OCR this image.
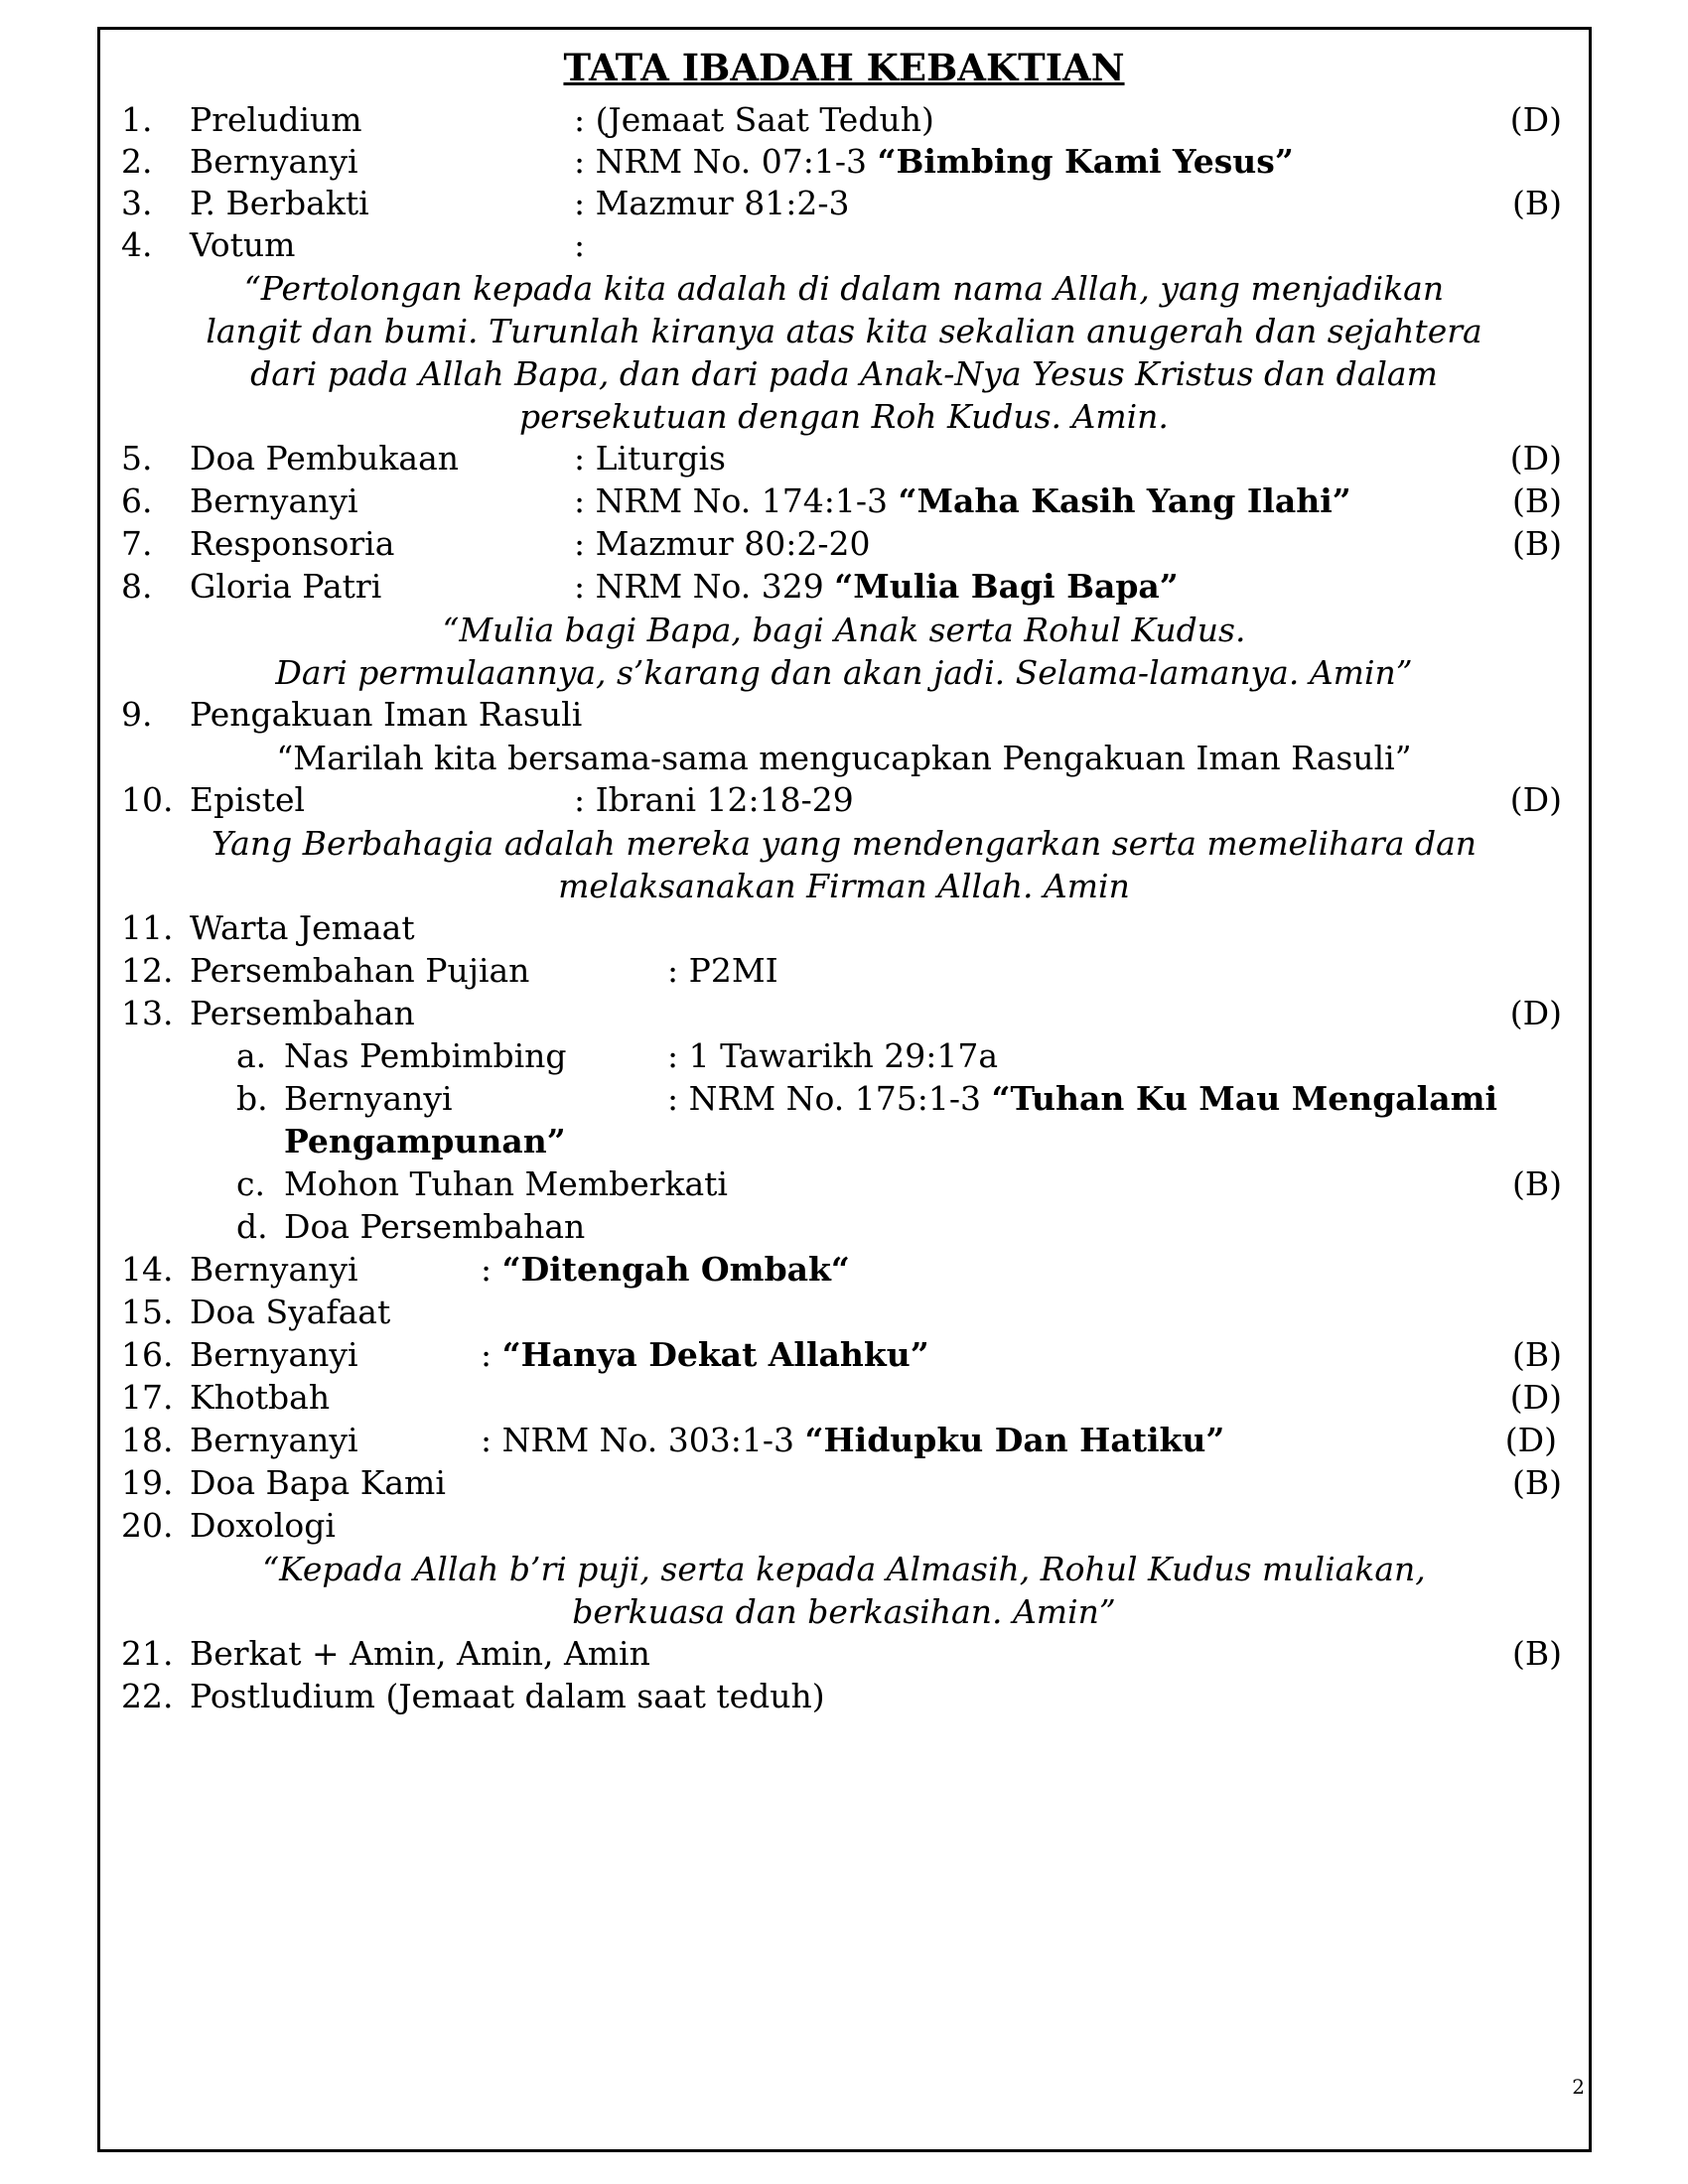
TATA IBADAH KEBAKTIAN
1. Preludium	: (Jemaat Saat Teduh)	(D)
2. Bernyanyi	: NRM No. 07:1-3 “Bimbing Kami Yesus”
3. P. Berbakti	: Mazmur 81:2-3	(B)
4. Votum	:
“Pertolongan kepada kita adalah di dalam nama Allah, yang menjadikan
langit dan bumi. Turunlah kiranya atas kita sekalian anugerah dan sejahtera
dari pada Allah Bapa, dan dari pada Anak-Nya Yesus Kristus dan dalam
persekutuan dengan Roh Kudus. Amin.
5. Doa Pembukaan	: Liturgis	(D)
6. Bernyanyi	: NRM No. 174:1-3 “Maha Kasih Yang Ilahi”	(B)
7. Responsoria	: Mazmur 80:2-20	(B)
8. Gloria Patri	: NRM No. 329 “Mulia Bagi Bapa”
“Mulia bagi Bapa, bagi Anak serta Rohul Kudus.
Dari permulaannya, s’karang dan akan jadi. Selama-lamanya. Amin”
9. Pengakuan Iman Rasuli
“Marilah kita bersama-sama mengucapkan Pengakuan Iman Rasuli”
10. Epistel	: Ibrani 12:18-29	(D)
Yang Berbahagia adalah mereka yang mendengarkan serta memelihara dan
melaksanakan Firman Allah. Amin
11. Warta Jemaat
12. Persembahan Pujian	: P2MI
13. Persembahan	(D)
a. Nas Pembimbing	: 1 Tawarikh 29:17a
b. Bernyanyi	: NRM No. 175:1-3 “Tuhan Ku Mau Mengalami
Pengampunan”
c. Mohon Tuhan Memberkati	(B)
d. Doa Persembahan
14. Bernyanyi	: “Ditengah Ombak“
15. Doa Syafaat
16. Bernyanyi	: “Hanya Dekat Allahku”	(B)
17. Khotbah	(D)
18. Bernyanyi	: NRM No. 303:1-3 “Hidupku Dan Hatiku”	(D)
19. Doa Bapa Kami	(B)
20. Doxologi
“Kepada Allah b’ri puji, serta kepada Almasih, Rohul Kudus muliakan,
berkuasa dan berkasihan. Amin”
21. Berkat + Amin, Amin, Amin	(B)
22. Postludium (Jemaat dalam saat teduh)
2
